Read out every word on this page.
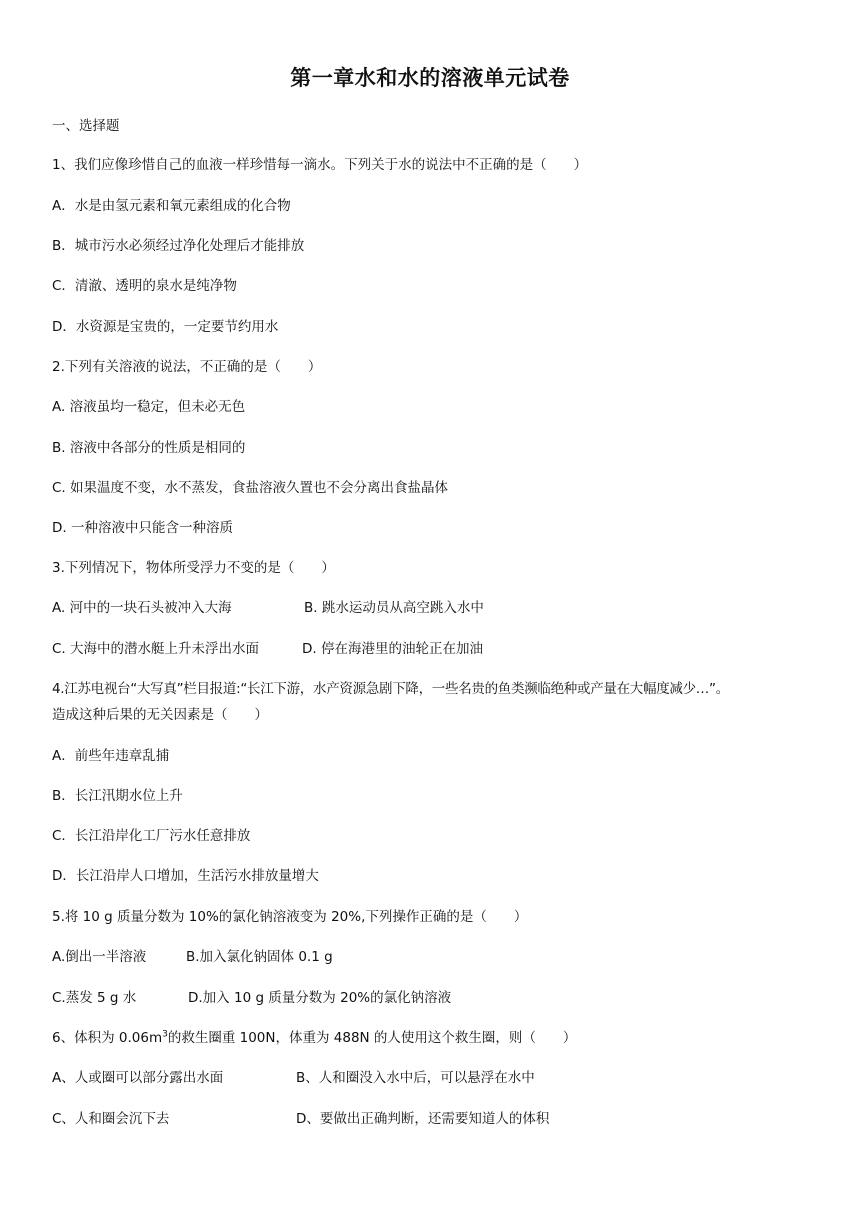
第一章水和水的溶液单元试卷
一、选择题
1、我们应像珍惜自己的血液一样珍惜每一滴水。下列关于水的说法中不正确的是（　　）
A．水是由氢元素和氧元素组成的化合物
B．城市污水必须经过净化处理后才能排放
C．清澈、透明的泉水是纯净物
D．水资源是宝贵的，一定要节约用水
2.下列有关溶液的说法，不正确的是（　　）
A. 溶液虽均一稳定，但未必无色
B. 溶液中各部分的性质是相同的
C. 如果温度不变，水不蒸发，食盐溶液久置也不会分离出食盐晶体
D. 一种溶液中只能含一种溶质
3.下列情况下，物体所受浮力不变的是（　　）
A. 河中的一块石头被冲入大海	B. 跳水运动员从高空跳入水中
C. 大海中的潜水艇上升未浮出水面	D. 停在海港里的油轮正在加油
4.江苏电视台“大写真”栏目报道:“长江下游，水产资源急剧下降，一些名贵的鱼类濒临绝种或产量在大幅度减少…”。
造成这种后果的无关因素是（　　）
A．前些年违章乱捕
B．长江汛期水位上升
C．长江沿岸化工厂污水任意排放
D．长江沿岸人口增加，生活污水排放量增大
5.将 10 g 质量分数为 10%的氯化钠溶液变为 20%,下列操作正确的是（　　）
A.倒出一半溶液	B.加入氯化钠固体 0.1 g
C.蒸发 5 g 水	D.加入 10 g 质量分数为 20%的氯化钠溶液
6、体积为 $0.06m^3$的救生圈重 100N，体重为 488N 的人使用这个救生圈，则（　　）
A、人或圈可以部分露出水面	B、人和圈没入水中后，可以悬浮在水中
C、人和圈会沉下去	D、要做出正确判断，还需要知道人的体积
